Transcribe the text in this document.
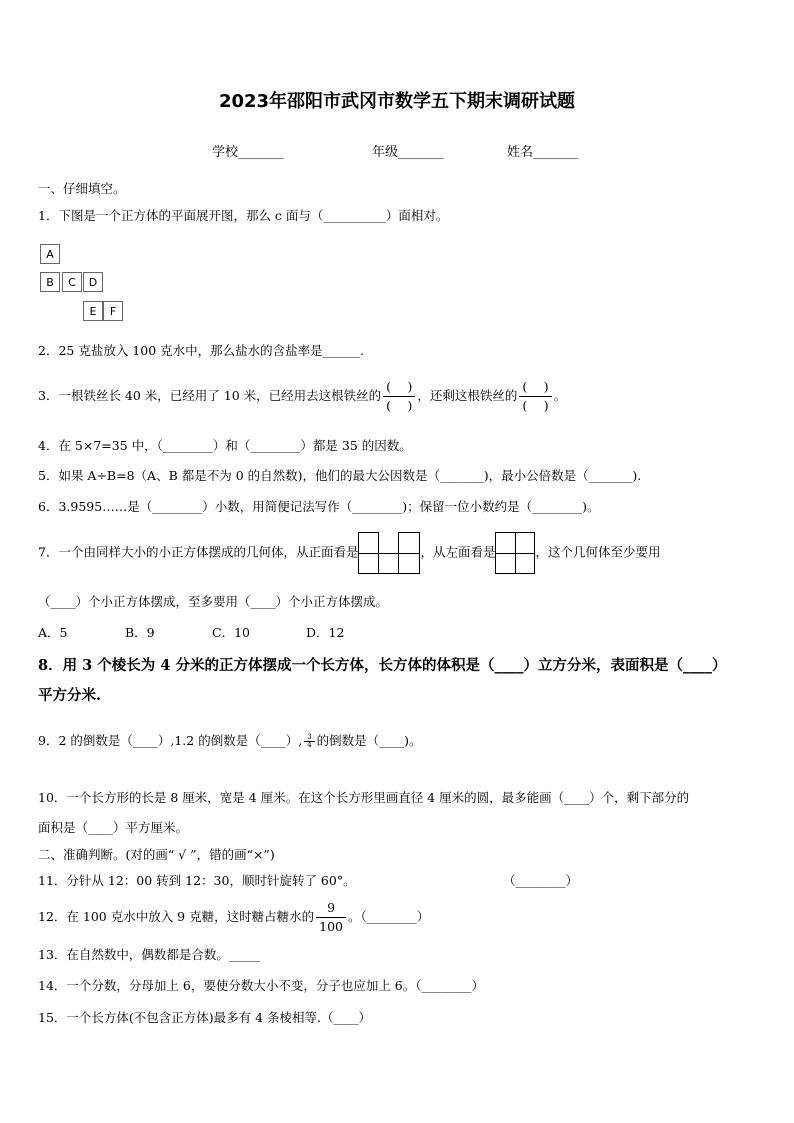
2023年邵阳市武冈市数学五下期末调研试题
学校_______	年级_______	姓名_______
一、仔细填空。
1．下图是一个正方体的平面展开图，那么 c 面与（__________）面相对。
A
B	C	D
E	F
2．25 克盐放入 100 克水中，那么盐水的含盐率是______.
3．一根铁丝长 40 米，已经用了 10 米，已经用去这根铁丝的 $\frac{( )}{( )}$ ，还剩这根铁丝的 $\frac{( )}{( )}$ 。
4．在 5×7=35 中，（________）和（________）都是 35 的因数。
5．如果 A÷B=8（A、B 都是不为 0 的自然数)，他们的最大公因数是（_______)，最小公倍数是（_______).
6．3.9595……是（________）小数，用简便记法写作（________)；保留一位小数约是（________)。
7．一个由同样大小的小正方体摆成的几何体，从正面看是	，从左面看是	，这个几何体至少要用
（____）个小正方体摆成，至多要用（____）个小正方体摆成。
A．5	B．9	C．10	D．12
8．用 3 个棱长为 4 分米的正方体摆成一个长方体，长方体的体积是（____）立方分米，表面积是（____）
平方分米.
9．2 的倒数是（____）,1.2 的倒数是（____）, $\frac{3}{4}$ 的倒数是（____)。
10．一个长方形的长是 8 厘米，宽是 4 厘米。在这个长方形里画直径 4 厘米的圆，最多能画（____）个，剩下部分的
面积是（____）平方厘米。
二、准确判断。(对的画“ √ ”，错的画“×”)
11．分针从 12：00 转到 12：30，顺时针旋转了 60°。	（________）
12．在 100 克水中放入 9 克糖，这时糖占糖水的 $\frac{9}{100}$ 。（________）
13．在自然数中，偶数都是合数。_____
14．一个分数，分母加上 6，要使分数大小不变，分子也应加上 6。（________）
15．一个长方体(不包含正方体)最多有 4 条棱相等.（____）
